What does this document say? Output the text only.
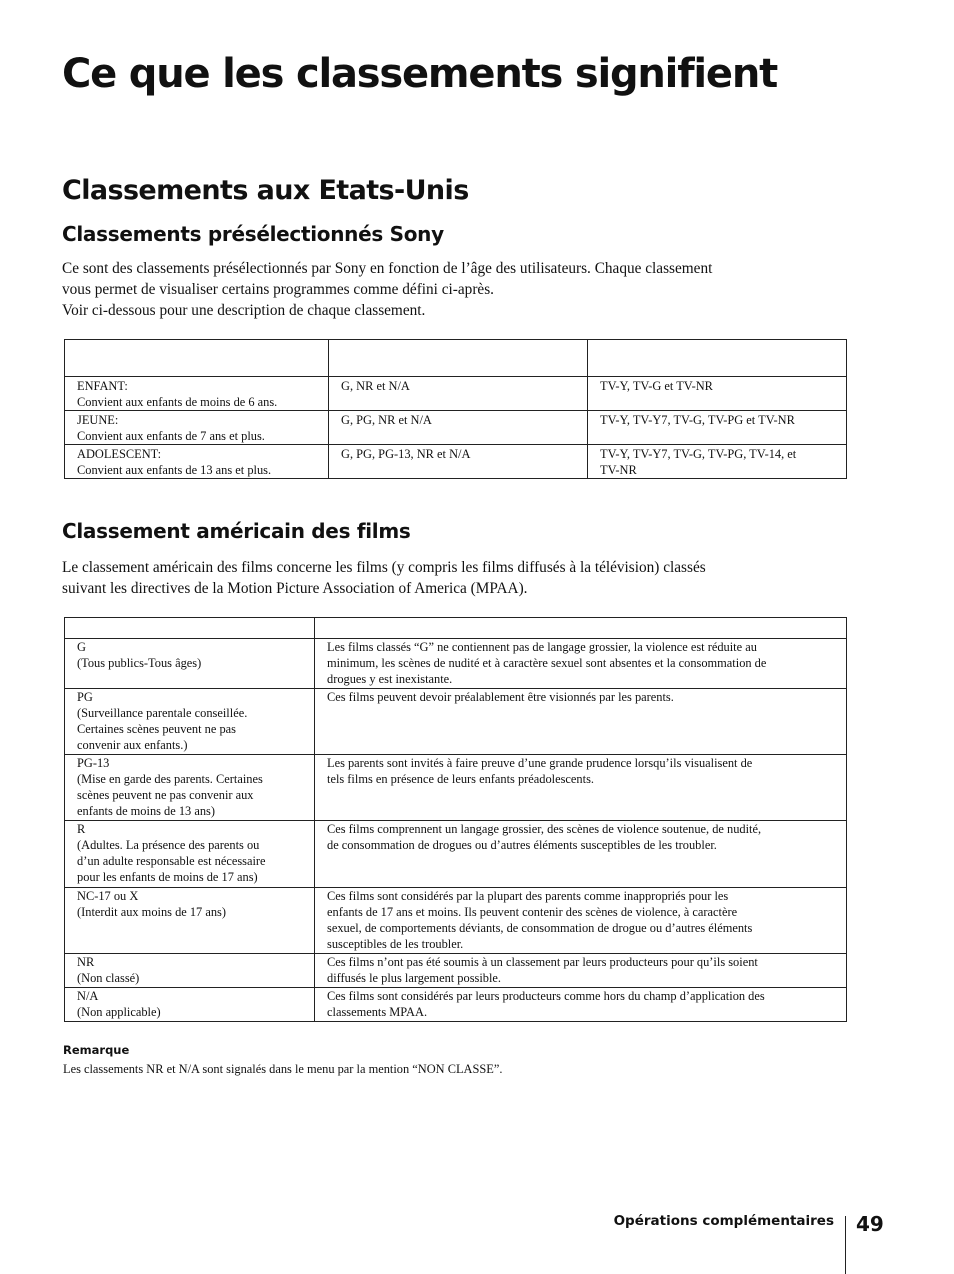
Ce que les classements signifient
Classements aux Etats-Unis
Classements présélectionnés Sony

Ce sont des classements présélectionnés par Sony en fonction de l’âge des utilisateurs. Chaque classement
vous permet de visualiser certains programmes comme défini ci-après.
Voir ci-dessous pour une description de chaque classement.

ENFANT:
Convient aux enfants de moins de 6 ans.	G, NR et N/A	TV-Y, TV-G et TV-NR

JEUNE:
Convient aux enfants de 7 ans et plus.	G, PG, NR et N/A	TV-Y, TV-Y7, TV-G, TV-PG et TV-NR

ADOLESCENT:
Convient aux enfants de 13 ans et plus.	G, PG, PG-13, NR et N/A	TV-Y, TV-Y7, TV-G, TV-PG, TV-14, et
TV-NR
Classement américain des films

Le classement américain des films concerne les films (y compris les films diffusés à la télévision) classés
suivant les directives de la Motion Picture Association of America (MPAA).

G
(Tous publics-Tous âges)	Les films classés “G” ne contiennent pas de langage grossier, la violence est réduite au
minimum, les scènes de nudité et à caractère sexuel sont absentes et la consommation de
drogues y est inexistante.

PG
(Surveillance parentale conseillée.
Certaines scènes peuvent ne pas
convenir aux enfants.)	Ces films peuvent devoir préalablement être visionnés par les parents.

PG-13
(Mise en garde des parents. Certaines
scènes peuvent ne pas convenir aux
enfants de moins de 13 ans)	Les parents sont invités à faire preuve d’une grande prudence lorsqu’ils visualisent de
tels films en présence de leurs enfants préadolescents.

R
(Adultes. La présence des parents ou
d’un adulte responsable est nécessaire
pour les enfants de moins de 17 ans)	Ces films comprennent un langage grossier, des scènes de violence soutenue, de nudité,
de consommation de drogues ou d’autres éléments susceptibles de les troubler.

NC-17 ou X
(Interdit aux moins de 17 ans)	Ces films sont considérés par la plupart des parents comme inappropriés pour les
enfants de 17 ans et moins. Ils peuvent contenir des scènes de violence, à caractère
sexuel, de comportements déviants, de consommation de drogue ou d’autres éléments
susceptibles de les troubler.

NR
(Non classé)	Ces films n’ont pas été soumis à un classement par leurs producteurs pour qu’ils soient
diffusés le plus largement possible.

N/A
(Non applicable)	Ces films sont considérés par leurs producteurs comme hors du champ d’application des
classements MPAA.

Remarque

Les classements NR et N/A sont signalés dans le menu par la mention “NON CLASSE”.

Opérations complémentaires 49
